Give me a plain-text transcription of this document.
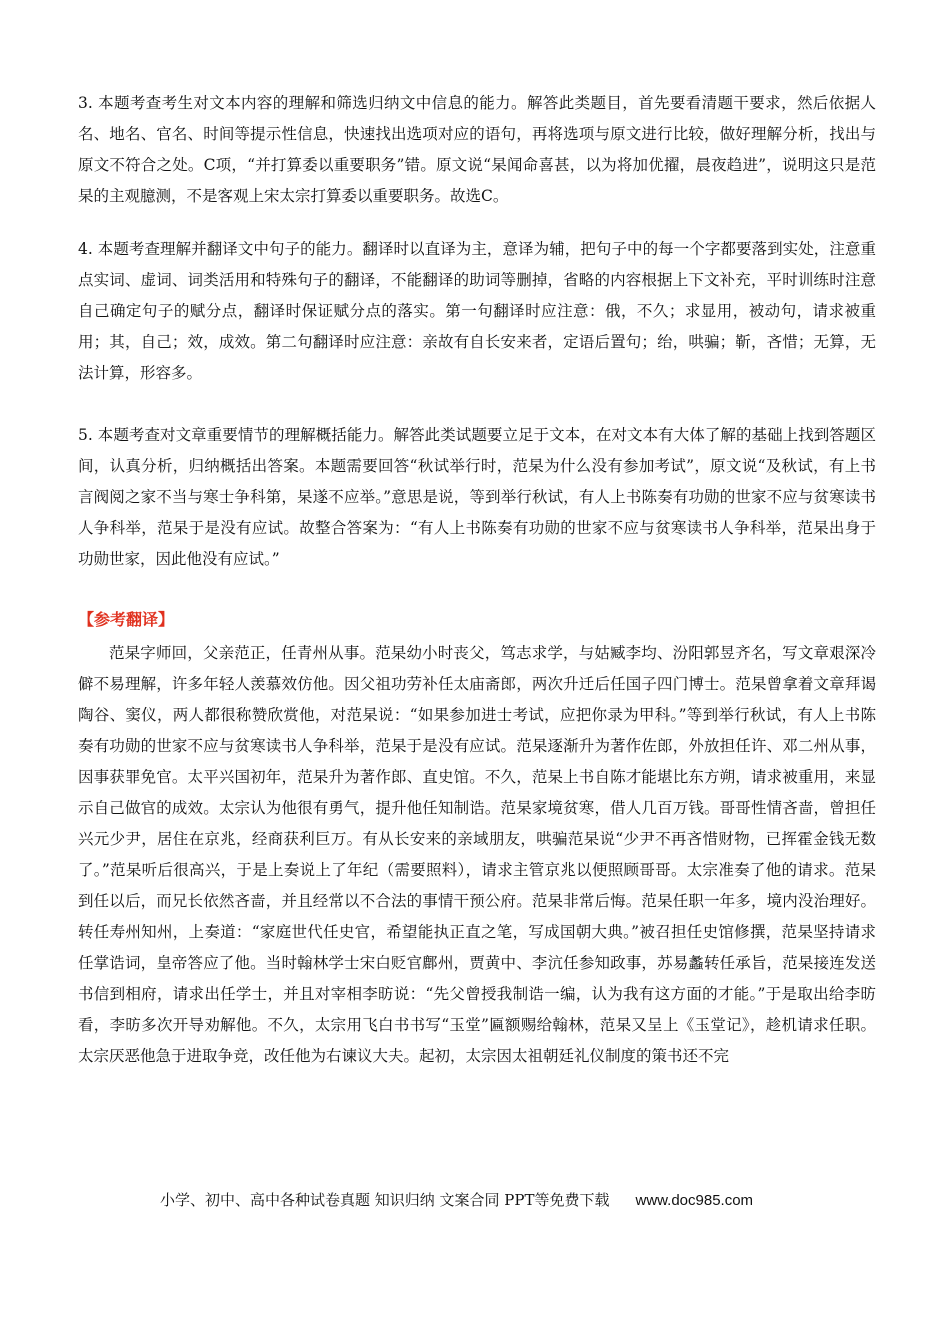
3. 本题考查考生对文本内容的理解和筛选归纳文中信息的能力。解答此类题目，首先要看清题干要求，然后依据人名、地名、官名、时间等提示性信息，快速找出选项对应的语句，再将选项与原文进行比较，做好理解分析，找出与原文不符合之处。C项，“并打算委以重要职务”错。原文说“杲闻命喜甚，以为将加优擢，晨夜趋进”，说明这只是范杲的主观臆测，不是客观上宋太宗打算委以重要职务。故选C。

4. 本题考查理解并翻译文中句子的能力。翻译时以直译为主，意译为辅，把句子中的每一个字都要落到实处，注意重点实词、虚词、词类活用和特殊句子的翻译，不能翻译的助词等删掉，省略的内容根据上下文补充，平时训练时注意自己确定句子的赋分点，翻译时保证赋分点的落实。第一句翻译时应注意：俄，不久；求显用，被动句，请求被重用；其，自己；效，成效。第二句翻译时应注意：亲故有自长安来者，定语后置句；绐，哄骗；靳，吝惜；无算，无法计算，形容多。

5. 本题考查对文章重要情节的理解概括能力。解答此类试题要立足于文本，在对文本有大体了解的基础上找到答题区间，认真分析，归纳概括出答案。本题需要回答“秋试举行时，范杲为什么没有参加考试”，原文说“及秋试，有上书言阀阅之家不当与寒士争科第，杲遂不应举。”意思是说，等到举行秋试，有人上书陈奏有功勋的世家不应与贫寒读书人争科举，范杲于是没有应试。故整合答案为：“有人上书陈奏有功勋的世家不应与贫寒读书人争科举，范杲出身于功勋世家，因此他没有应试。”

【参考翻译】

范杲字师回，父亲范正，任青州从事。范杲幼小时丧父，笃志求学，与姑臧李均、汾阳郭昱齐名，写文章艰深冷僻不易理解，许多年轻人羡慕效仿他。因父祖功劳补任太庙斋郎，两次升迁后任国子四门博士。范杲曾拿着文章拜谒陶谷、窦仪，两人都很称赞欣赏他，对范杲说：“如果参加进士考试，应把你录为甲科。”等到举行秋试，有人上书陈奏有功勋的世家不应与贫寒读书人争科举，范杲于是没有应试。范杲逐渐升为著作佐郎，外放担任许、邓二州从事，因事获罪免官。太平兴国初年，范杲升为著作郎、直史馆。不久，范杲上书自陈才能堪比东方朔，请求被重用，来显示自己做官的成效。太宗认为他很有勇气，提升他任知制诰。范杲家境贫寒，借人几百万钱。哥哥性情吝啬，曾担任兴元少尹，居住在京兆，经商获利巨万。有从长安来的亲域朋友，哄骗范杲说“少尹不再吝惜财物，已挥霍金钱无数了。”范杲听后很高兴，于是上奏说上了年纪（需要照料），请求主管京兆以便照顾哥哥。太宗准奏了他的请求。范杲到任以后，而兄长依然吝啬，并且经常以不合法的事情干预公府。范杲非常后悔。范杲任职一年多，境内没治理好。转任寿州知州，上奏道：“家庭世代任史官，希望能执正直之笔，写成国朝大典。”被召担任史馆修撰，范杲坚持请求任掌诰词，皇帝答应了他。当时翰林学士宋白贬官鄜州，贾黄中、李沆任参知政事，苏易蠡转任承旨，范杲接连发送书信到相府，请求出任学士，并且对宰相李昉说：“先父曾授我制诰一编，认为我有这方面的才能。”于是取出给李昉看，李昉多次开导劝解他。不久，太宗用飞白书书写“玉堂”匾额赐给翰林，范杲又呈上《玉堂记》，趁机请求任职。太宗厌恶他急于进取争竞，改任他为右谏议大夫。起初，太宗因太祖朝廷礼仪制度的策书还不完

小学、初中、高中各种试卷真题 知识归纳 文案合同 PPT等免费下载 www.doc985.com
